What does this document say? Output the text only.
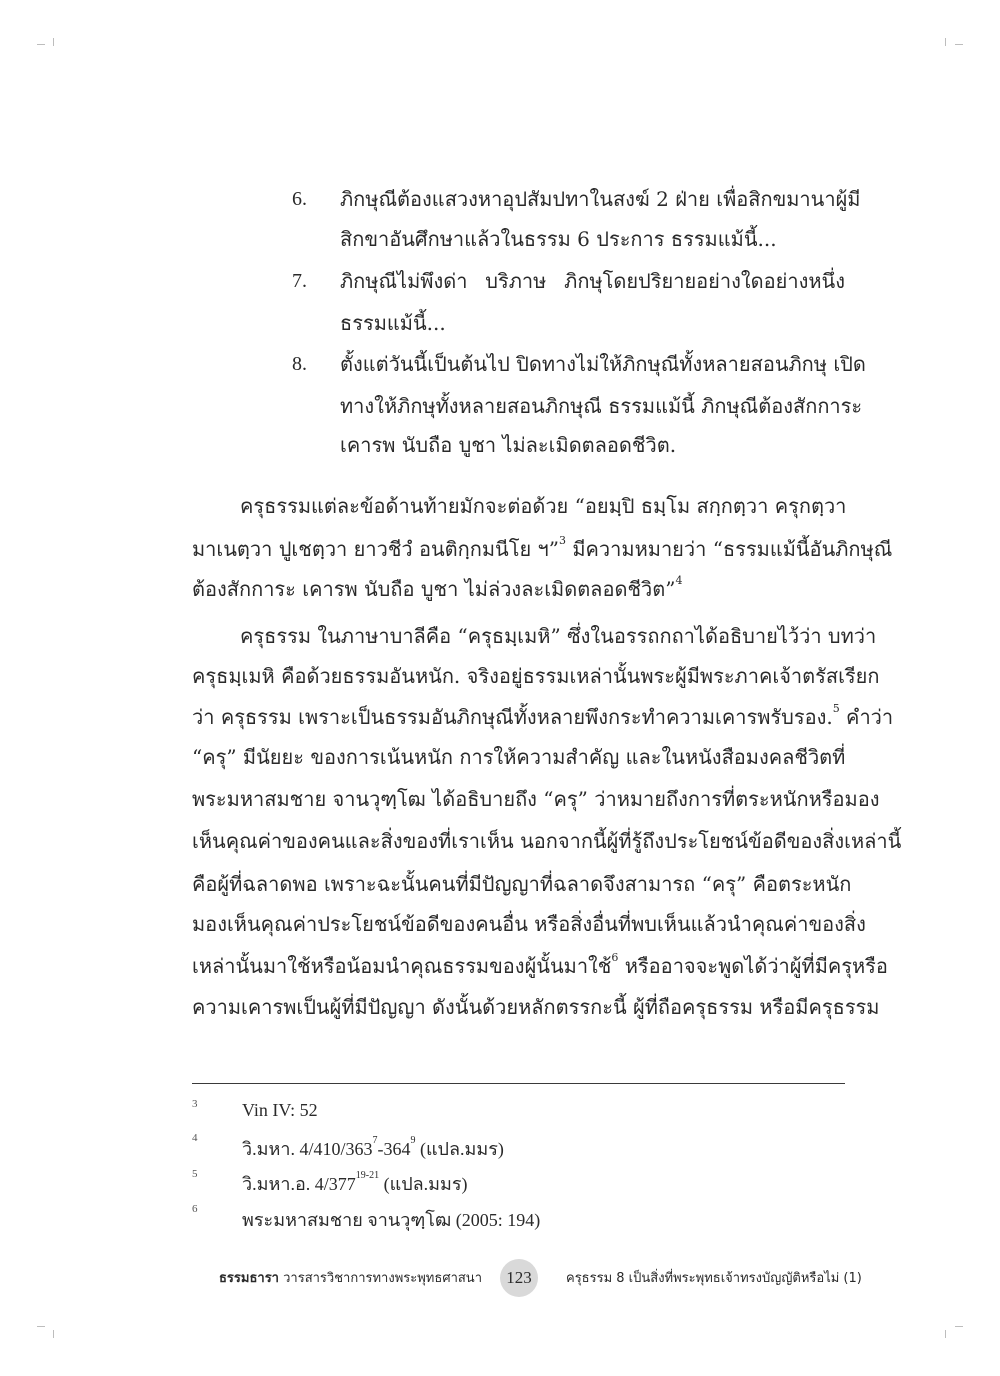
6. ภิกษุณีต้องแสวงหาอุปสัมปทาในสงฆ์ 2 ฝ่าย เพื่อสิกขมานาผู้มี
สิกขาอันศึกษาแล้วในธรรม 6 ประการ ธรรมแม้นี้...
7. ภิกษุณีไม่พึงด่า บริภาษ ภิกษุโดยปริยายอย่างใดอย่างหนึ่ง
ธรรมแม้นี้...
8. ตั้งแต่วันนี้เป็นต้นไป ปิดทางไม่ให้ภิกษุณีทั้งหลายสอนภิกษุ เปิด
ทางให้ภิกษุทั้งหลายสอนภิกษุณี ธรรมแม้นี้ ภิกษุณีต้องสักการะ
เคารพ นับถือ บูชา ไม่ละเมิดตลอดชีวิต.
ครุธรรมแต่ละข้อด้านท้ายมักจะต่อด้วย “อยมฺปิ ธมฺโม สกฺกตฺวา ครุกตฺวา
มาเนตฺวา ปูเชตฺวา ยาวชีวํ อนติกฺกมนีโย ฯ”$^3$ มีความหมายว่า “ธรรมแม้นี้อันภิกษุณี
ต้องสักการะ เคารพ นับถือ บูชา ไม่ล่วงละเมิดตลอดชีวิต”$^4$
ครุธรรม ในภาษาบาลีคือ “ครุธมฺเมหิ” ซึ่งในอรรถกถาได้อธิบายไว้ว่า บทว่า
ครุธมฺเมหิ คือด้วยธรรมอันหนัก. จริงอยู่ธรรมเหล่านั้นพระผู้มีพระภาคเจ้าตรัสเรียก
ว่า ครุธรรม เพราะเป็นธรรมอันภิกษุณีทั้งหลายพึงกระทำความเคารพรับรอง.$^5$ คำว่า
“ครุ” มีนัยยะ ของการเน้นหนัก การให้ความสำคัญ และในหนังสือมงคลชีวิตที่
พระมหาสมชาย จานวุฑฺโฒ ได้อธิบายถึง “ครุ” ว่าหมายถึงการที่ตระหนักหรือมอง
เห็นคุณค่าของคนและสิ่งของที่เราเห็น นอกจากนี้ผู้ที่รู้ถึงประโยชน์ข้อดีของสิ่งเหล่านี้
คือผู้ที่ฉลาดพอ เพราะฉะนั้นคนที่มีปัญญาที่ฉลาดจึงสามารถ “ครุ” คือตระหนัก
มองเห็นคุณค่าประโยชน์ข้อดีของคนอื่น หรือสิ่งอื่นที่พบเห็นแล้วนำคุณค่าของสิ่ง
เหล่านั้นมาใช้หรือน้อมนำคุณธรรมของผู้นั้นมาใช้$^6$ หรืออาจจะพูดได้ว่าผู้ที่มีครุหรือ
ความเคารพเป็นผู้ที่มีปัญญา ดังนั้นด้วยหลักตรรกะนี้ ผู้ที่ถือครุธรรม หรือมีครุธรรม
3 Vin IV: 52
4
วิ.มหา. $4/410/363^7-364^9$ (แปล.มมร)
5 วิ.มหา.อ. 4/377$^{19-21}$ (แปล.มมร)
6
พระมหาสมชาย จานวุฑฺโฒ (2005: 194)
ธรรมธารา วารสารวิชาการทางพระพุทธศาสนา	123	ครุธรรม 8 เป็นสิ่งที่พระพุทธเจ้าทรงบัญญัติหรือไม่ (1)
